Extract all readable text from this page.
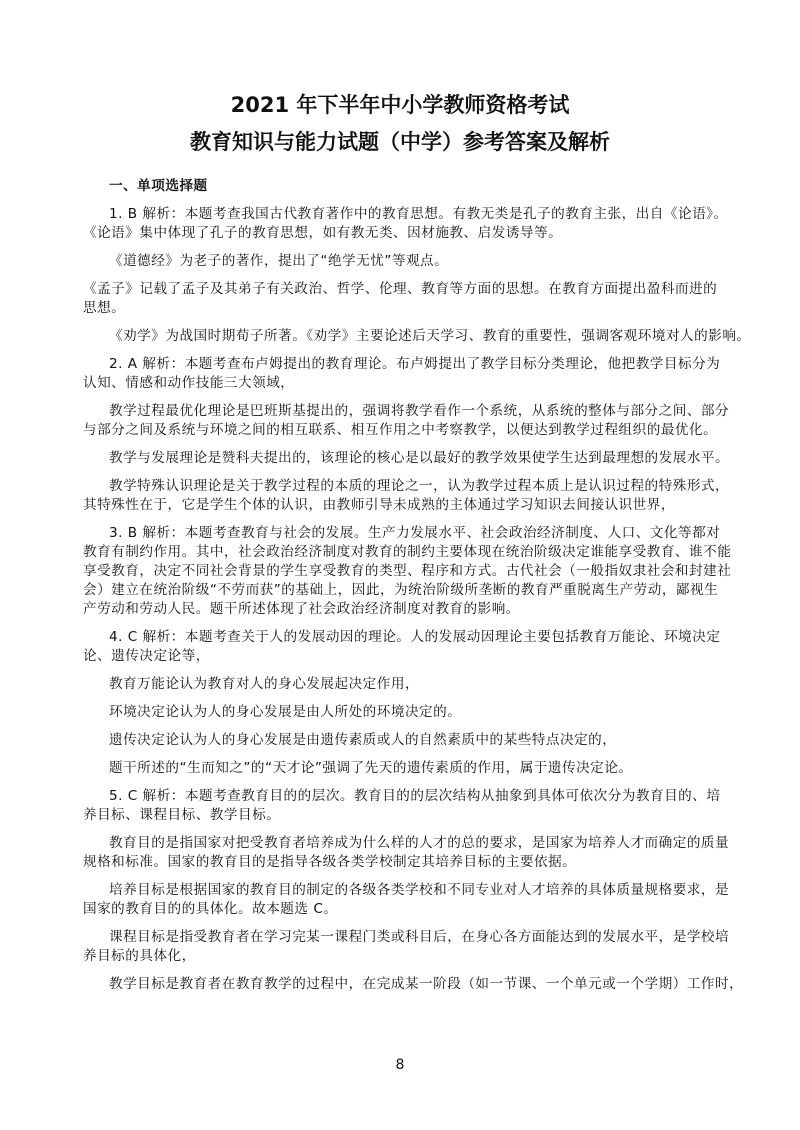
2021 年下半年中小学教师资格考试
教育知识与能力试题（中学）参考答案及解析

一、单项选择题

1. B 解析：本题考查我国古代教育著作中的教育思想。有教无类是孔子的教育主张，出自《论语》。

《论语》集中体现了孔子的教育思想，如有教无类、因材施教、启发诱导等。

《道德经》为老子的著作，提出了“绝学无忧”等观点。

《孟子》记载了孟子及其弟子有关政治、哲学、伦理、教育等方面的思想。在教育方面提出盈科而进的

思想。

《劝学》为战国时期荀子所著。《劝学》主要论述后天学习、教育的重要性，强调客观环境对人的影响。

2. A 解析：本题考查布卢姆提出的教育理论。布卢姆提出了教学目标分类理论，他把教学目标分为

认知、情感和动作技能三大领域，

教学过程最优化理论是巴班斯基提出的，强调将教学看作一个系统，从系统的整体与部分之间、部分

与部分之间及系统与环境之间的相互联系、相互作用之中考察教学，以便达到教学过程组织的最优化。

教学与发展理论是赞科夫提出的，该理论的核心是以最好的教学效果使学生达到最理想的发展水平。

教学特殊认识理论是关于教学过程的本质的理论之一，认为教学过程本质上是认识过程的特殊形式，

其特殊性在于，它是学生个体的认识，由教师引导未成熟的主体通过学习知识去间接认识世界，

3. B 解析：本题考查教育与社会的发展。生产力发展水平、社会政治经济制度、人口、文化等都对

教育有制约作用。其中，社会政治经济制度对教育的制约主要体现在统治阶级决定谁能享受教育、谁不能

享受教育，决定不同社会背景的学生享受教育的类型、程序和方式。古代社会（一般指奴隶社会和封建社

会）建立在统治阶级“不劳而获”的基础上，因此，为统治阶级所垄断的教育严重脱离生产劳动，鄙视生

产劳动和劳动人民。题干所述体现了社会政治经济制度对教育的影响。

4. C 解析：本题考查关于人的发展动因的理论。人的发展动因理论主要包括教育万能论、环境决定

论、遗传决定论等，

教育万能论认为教育对人的身心发展起决定作用，

环境决定论认为人的身心发展是由人所处的环境决定的。

遗传决定论认为人的身心发展是由遗传素质或人的自然素质中的某些特点决定的，

题干所述的“生而知之”的“天才论”强调了先天的遗传素质的作用，属于遗传决定论。

5. C 解析：本题考查教育目的的层次。教育目的的层次结构从抽象到具体可依次分为教育目的、培

养目标、课程目标、教学目标。

教育目的是指国家对把受教育者培养成为什么样的人才的总的要求，是国家为培养人才而确定的质量

规格和标准。国家的教育目的是指导各级各类学校制定其培养目标的主要依据。

培养目标是根据国家的教育目的制定的各级各类学校和不同专业对人才培养的具体质量规格要求，是

国家的教育目的的具体化。故本题选 C。

课程目标是指受教育者在学习完某一课程门类或科目后，在身心各方面能达到的发展水平，是学校培

养目标的具体化，

教学目标是教育者在教育教学的过程中，在完成某一阶段（如一节课、一个单元或一个学期）工作时，

8
